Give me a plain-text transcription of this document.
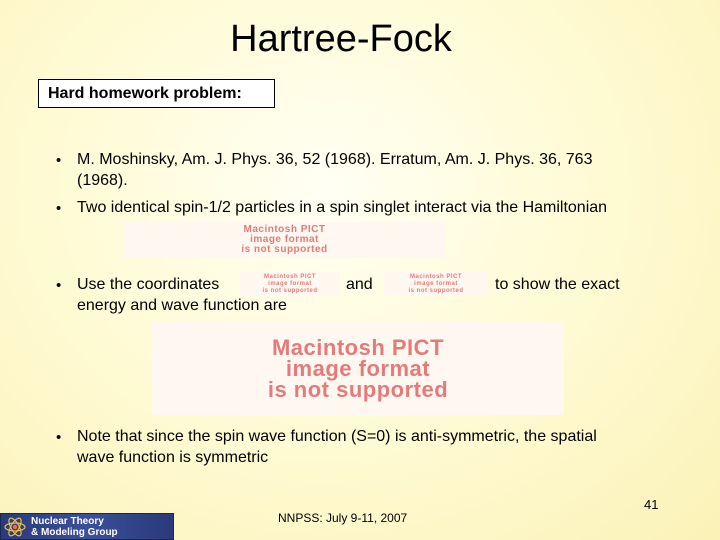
Hartree-Fock
Hard homework problem:
• M. Moshinsky, Am. J. Phys. 36, 52 (1968). Erratum, Am. J. Phys. 36, 763
(1968).
• Two identical spin-1/2 particles in a spin singlet interact via the Hamiltonian
Macintosh PICT
image format
is not supported
• Use the coordinates	Macintosh PICT
image format
is not supported and	Macintosh PICT
image format
is not supported to show the exact
energy and wave function are
Macintosh PICT
image format
is not supported
• Note that since the spin wave function (S=0) is anti-symmetric, the spatial
wave function is symmetric
41
NNPSS: July 9-11, 2007
Nuclear Theory
& Modeling Group
